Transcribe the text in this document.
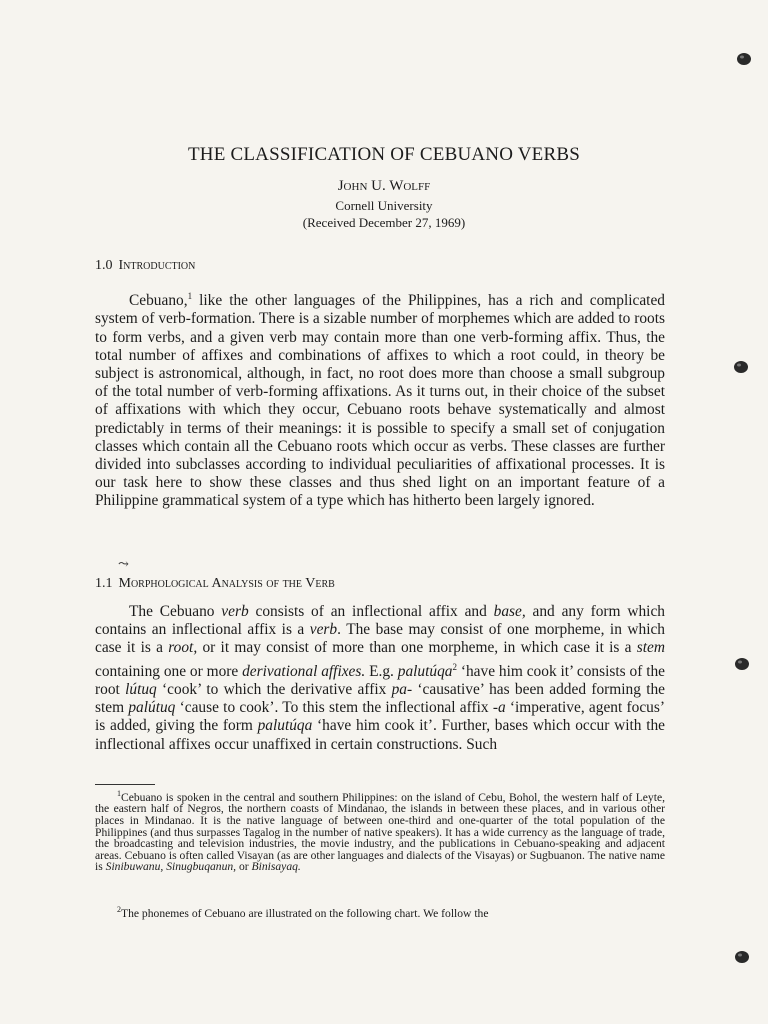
THE CLASSIFICATION OF CEBUANO VERBS
John U. Wolff
Cornell University
(Received December 27, 1969)
1.0 Introduction
Cebuano,$^1$ like the other languages of the Philippines, has a rich and complicated system of verb-formation. There is a sizable number of morphemes which are added to roots to form verbs, and a given verb may contain more than one verb-forming affix. Thus, the total number of affixes and combinations of affixes to which a root could, in theory be subject is astronomical, although, in fact, no root does more than choose a small subgroup of the total number of verb-forming affixations. As it turns out, in their choice of the subset of affixations with which they occur, Cebuano roots behave systematically and almost predictably in terms of their meanings: it is possible to specify a small set of conjugation classes which contain all the Cebuano roots which occur as verbs. These classes are further divided into subclasses according to individual peculiarities of affixational processes. It is our task here to show these classes and thus shed light on an important feature of a Philippine grammatical system of a type which has hitherto been largely ignored.
⤳
1.1 Morphological Analysis of the Verb
The Cebuano verb consists of an inflectional affix and base, and any form which contains an inflectional affix is a verb. The base may consist of one morpheme, in which case it is a root, or it may consist of more than one morpheme, in which case it is a stem containing one or more derivational affixes. E.g. palutúqa$^2$ ‘have him cook it’ consists of the root lútuq ‘cook’ to which the derivative affix pa- ‘causative’ has been added forming the stem palútuq ‘cause to cook’. To this stem the inflectional affix -a ‘imperative, agent focus’ is added, giving the form palutúqa ‘have him cook it’. Further, bases which occur with the inflectional affixes occur unaffixed in certain constructions. Such
$^1$Cebuano is spoken in the central and southern Philippines: on the island of Cebu, Bohol, the western half of Leyte, the eastern half of Negros, the northern coasts of Mindanao, the islands in between these places, and in various other places in Mindanao. It is the native language of between one-third and one-quarter of the total population of the Philippines (and thus surpasses Tagalog in the number of native speakers). It has a wide currency as the language of trade, the broadcasting and television industries, the movie industry, and the publications in Cebuano-speaking and adjacent areas. Cebuano is often called Visayan (as are other languages and dialects of the Visayas) or Sugbuanon. The native name is Sinibuwanu, Sinugbuqanun, or Binisayaq.
$^2$The phonemes of Cebuano are illustrated on the following chart. We follow the
